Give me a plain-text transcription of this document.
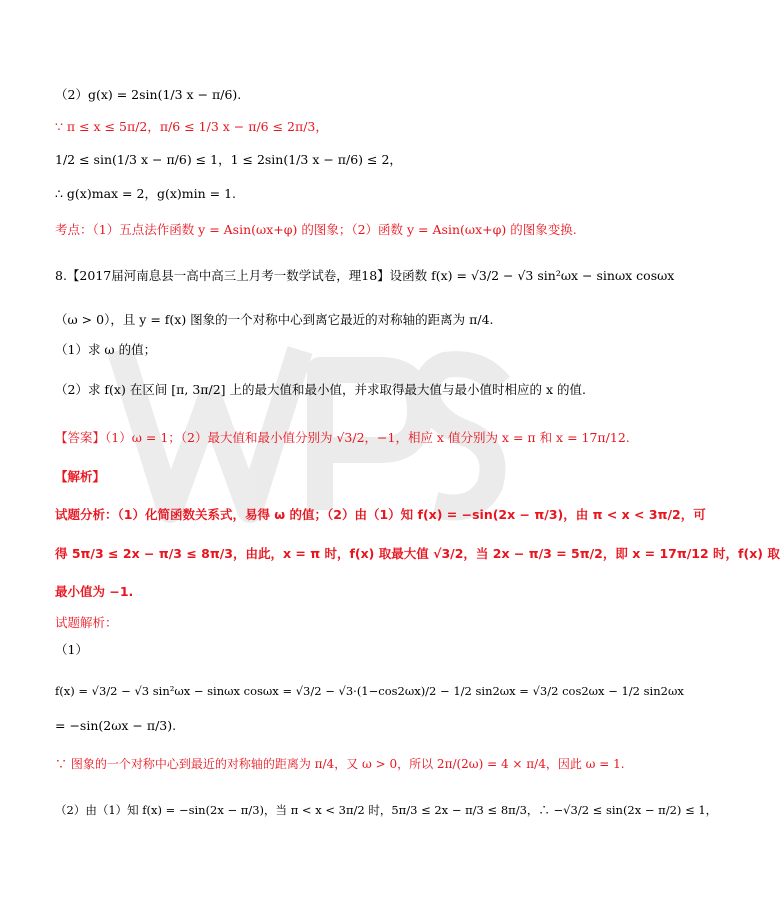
（2）g(x) = 2sin(1/3 x − π/6).
∵ π ≤ x ≤ 5π/2，π/6 ≤ 1/3 x − π/6 ≤ 2π/3，
1/2 ≤ sin(1/3 x − π/6) ≤ 1，1 ≤ 2sin(1/3 x − π/6) ≤ 2，
∴ g(x)max = 2，g(x)min = 1.
考点：（1）五点法作函数 y = Asin(ωx+φ) 的图象；（2）函数 y = Asin(ωx+φ) 的图象变换.
8.【2017届河南息县一高中高三上月考一数学试卷，理18】设函数 f(x) = √3/2 − √3 sin²ωx − sinωx cosωx
（ω > 0），且 y = f(x) 图象的一个对称中心到离它最近的对称轴的距离为 π/4.
（1）求 ω 的值；
（2）求 f(x) 在区间 [π, 3π/2] 上的最大值和最小值，并求取得最大值与最小值时相应的 x 的值.
【答案】（1）ω = 1；（2）最大值和最小值分别为 √3/2，−1，相应 x 值分别为 x = π 和 x = 17π/12.
【解析】
试题分析：（1）化简函数关系式，易得 ω 的值；（2）由（1）知 f(x) = −sin(2x − π/3)，由 π < x < 3π/2，可
得 5π/3 ≤ 2x − π/3 ≤ 8π/3，由此，x = π 时，f(x) 取最大值 √3/2，当 2x − π/3 = 5π/2，即 x = 17π/12 时，f(x) 取
最小值为 −1.
试题解析：
（1）
f(x) = √3/2 − √3 sin²ωx − sinωx cosωx = √3/2 − √3·(1−cos2ωx)/2 − 1/2 sin2ωx = √3/2 cos2ωx − 1/2 sin2ωx
= −sin(2ωx − π/3).
∵ 图象的一个对称中心到最近的对称轴的距离为 π/4，又 ω > 0，所以 2π/(2ω) = 4 × π/4，因此 ω = 1.
（2）由（1）知 f(x) = −sin(2x − π/3)，当 π < x < 3π/2 时，5π/3 ≤ 2x − π/3 ≤ 8π/3，∴ −√3/2 ≤ sin(2x − π/2) ≤ 1，
